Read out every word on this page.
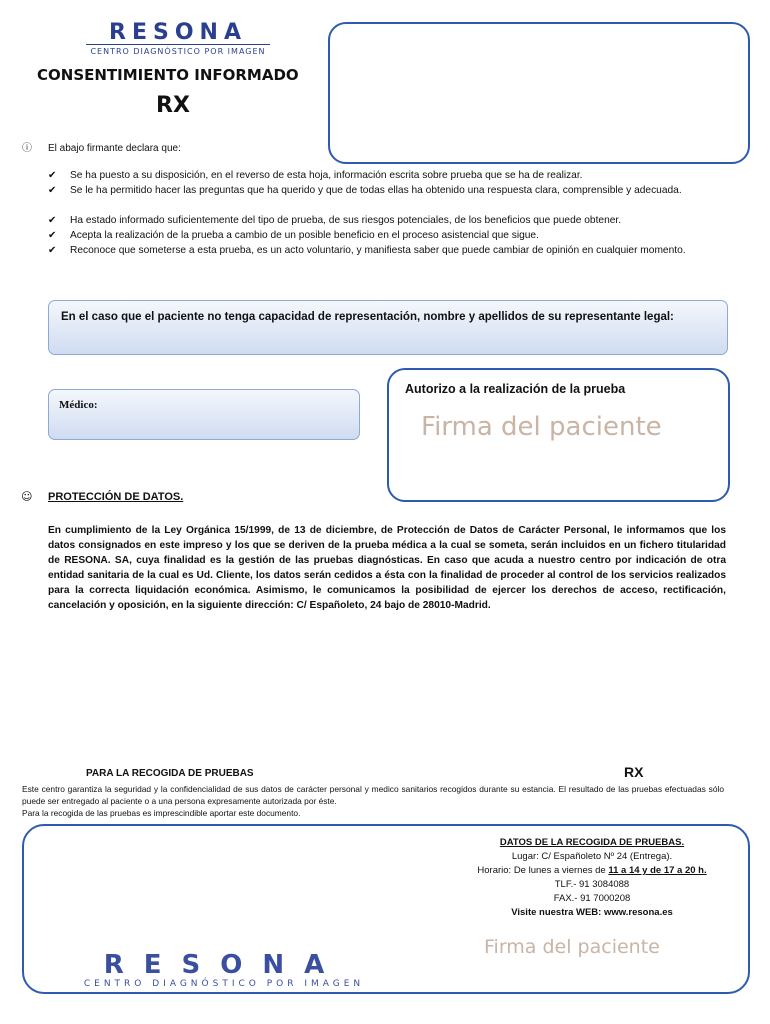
RESONA
CENTRO DIAGNÓSTICO POR IMAGEN
CONSENTIMIENTO INFORMADO
RX
ⓘ El abajo firmante declara que:
✔	Se ha puesto a su disposición, en el reverso de esta hoja, información escrita sobre prueba que se ha de realizar.
✔	Se le ha permitido hacer las preguntas que ha querido y que de todas ellas ha obtenido una respuesta clara, comprensible y adecuada.
✔	Ha estado informado suficientemente del tipo de prueba, de sus riesgos potenciales, de los beneficios que puede obtener.
✔	Acepta la realización de la prueba a cambio de un posible beneficio en el proceso asistencial que sigue.
✔	Reconoce que someterse a esta prueba, es un acto voluntario, y manifiesta saber que puede cambiar de opinión en cualquier momento.
En el caso que el paciente no tenga capacidad de representación, nombre y apellidos de su representante legal:
Médico:
Autorizo a la realización de la prueba
Firma del paciente
☺ PROTECCIÓN DE DATOS.
En cumplimiento de la Ley Orgánica 15/1999, de 13 de diciembre, de Protección de Datos de Carácter Personal, le informamos que los datos consignados en este impreso y los que se deriven de la prueba médica a la cual se someta, serán incluidos en un fichero titularidad de RESONA. SA, cuya finalidad es la gestión de las pruebas diagnósticas. En caso que acuda a nuestro centro por indicación de otra entidad sanitaria de la cual es Ud. Cliente, los datos serán cedidos a ésta con la finalidad de proceder al control de los servicios realizados para la correcta liquidación económica. Asimismo, le comunicamos la posibilidad de ejercer los derechos de acceso, rectificación, cancelación y oposición, en la siguiente dirección: C/ Españoleto, 24 bajo de 28010-Madrid.
PARA LA RECOGIDA DE PRUEBAS	RX
Este centro garantiza la seguridad y la confidencialidad de sus datos de carácter personal y medico sanitarios recogidos durante su estancia. El resultado de las pruebas efectuadas sólo puede ser entregado al paciente o a una persona expresamente autorizada por éste.
Para la recogida de las pruebas es imprescindible aportar este documento.
DATOS DE LA RECOGIDA DE PRUEBAS.
Lugar: C/ Españoleto Nº 24 (Entrega).
Horario: De lunes a viernes de 11 a 14 y de 17 a 20 h.
TLF.- 91 3084088
FAX.- 91 7000208
Visite nuestra WEB: www.resona.es
Firma del paciente
RESONA
CENTRO DIAGNÓSTICO POR IMAGEN
